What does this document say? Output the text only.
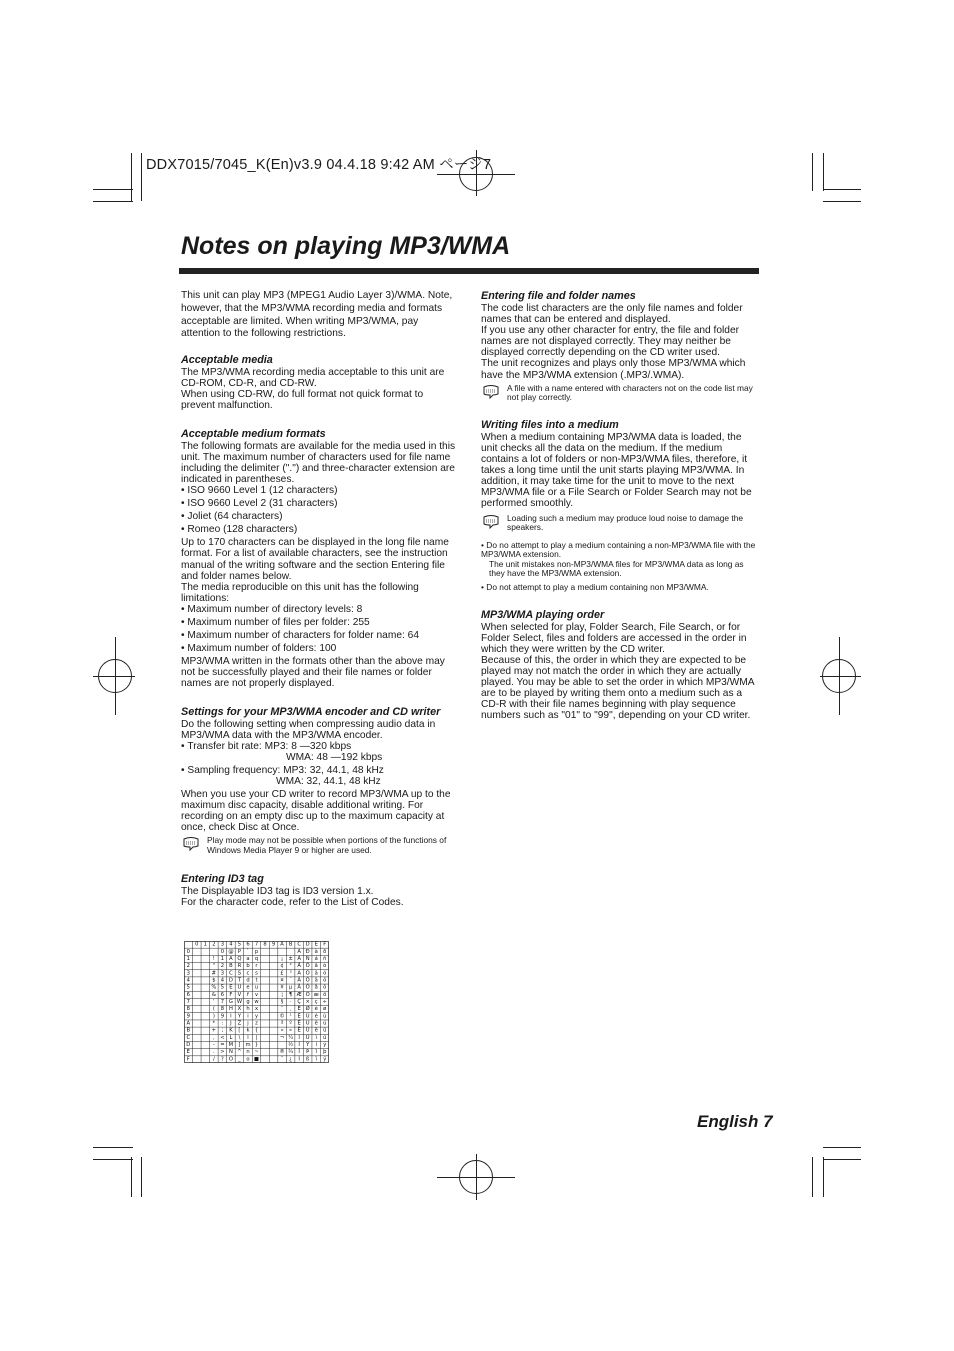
DDX7015/7045_K(En)v3.9 04.4.18 9:42 AM ページ7
Notes on playing MP3/WMA

This unit can play MP3 (MPEG1 Audio Layer 3)/WMA. Note, however, that the MP3/WMA recording media and formats acceptable are limited. When writing MP3/WMA, pay attention to the following restrictions.

Acceptable media

The MP3/WMA recording media acceptable to this unit are CD-ROM, CD-R, and CD-RW.

When using CD-RW, do full format not quick format to prevent malfunction.

Acceptable medium formats

The following formats are available for the media used in this unit. The maximum number of characters used for file name including the delimiter (".") and three-character extension are indicated in parentheses.

• ISO 9660 Level 1 (12 characters)
• ISO 9660 Level 2 (31 characters)
• Joliet (64 characters)
• Romeo (128 characters)

Up to 170 characters can be displayed in the long file name format. For a list of available characters, see the instruction manual of the writing software and the section Entering file and folder names below.

The media reproducible on this unit has the following limitations:

• Maximum number of directory levels: 8
• Maximum number of files per folder: 255
• Maximum number of characters for folder name: 64
• Maximum number of folders: 100

MP3/WMA written in the formats other than the above may not be successfully played and their file names or folder names are not properly displayed.

Settings for your MP3/WMA encoder and CD writer

Do the following setting when compressing audio data in MP3/WMA data with the MP3/WMA encoder.

• Transfer bit rate: MP3: 8 —320 kbps

WMA: 48 —192 kbps

• Sampling frequency: MP3: 32, 44.1, 48 kHz

WMA: 32, 44.1, 48 kHz

When you use your CD writer to record MP3/WMA up to the maximum disc capacity, disable additional writing. For recording on an empty disc up to the maximum capacity at once, check Disc at Once.

Play mode may not be possible when portions of the functions of Windows Media Player 9 or higher are used.
Entering ID3 tag

The Displayable ID3 tag is ID3 version 1.x.

For the character code, refer to the List of Codes.

0 1 2 3 4 5 6 7 8 9 A B C D E F
0	0 @ P ` p	À Ð à ð
1	! 1 A Q a q	¡ ± Á Ñ á ñ
2	" 2 B R b r	¢ ² Â Ò â ò
3	# 3 C S c s	£ ³ Ã Ó ã ó
4	$ 4 D T d t	¤ ´ Ä Ô ä ô
5	% 5 E U e u	¥ µ Å Õ å õ
6	& 6 F V f v	¦ ¶ Æ Ö æ ö
7	' 7 G W g w	§ · Ç × ç ÷
8	( 8 H X h x	¨ ¸ È Ø è ø
9	) 9 I Y i y	© ¹ É Ù é ù
A	* : J Z j z	ª º Ê Ú ê ú
B	+ ; K [ k {	« » Ë Û ë û
C	, < L \ l |	¬ ¼ Ì Ü ì ü
D	- = M ] m }	½ Í Ý í ý
E	. > N ^ n ~	® ¾ Î Þ î þ
F	/ ? O _ o ■	¯ ¿ Ï ß ï ÿ
Entering file and folder names

The code list characters are the only file names and folder names that can be entered and displayed.

If you use any other character for entry, the file and folder names are not displayed correctly. They may neither be displayed correctly depending on the CD writer used.

The unit recognizes and plays only those MP3/WMA which have the MP3/WMA extension (.MP3/.WMA).

A file with a name entered with characters not on the code list may not play correctly.
Writing files into a medium

When a medium containing MP3/WMA data is loaded, the unit checks all the data on the medium. If the medium contains a lot of folders or non-MP3/WMA files, therefore, it takes a long time until the unit starts playing MP3/WMA. In addition, it may take time for the unit to move to the next MP3/WMA file or a File Search or Folder Search may not be performed smoothly.

Loading such a medium may produce loud noise to damage the speakers.
• Do no attempt to play a medium containing a non-MP3/WMA file with the MP3/WMA extension.
The unit mistakes non-MP3/WMA files for MP3/WMA data as long as they have the MP3/WMA extension.
• Do not attempt to play a medium containing non MP3/WMA.
MP3/WMA playing order

When selected for play, Folder Search, File Search, or for Folder Select, files and folders are accessed in the order in which they were written by the CD writer.

Because of this, the order in which they are expected to be played may not match the order in which they are actually played. You may be able to set the order in which MP3/WMA are to be played by writing them onto a medium such as a CD-R with their file names beginning with play sequence numbers such as "01" to "99", depending on your CD writer.

English 7
